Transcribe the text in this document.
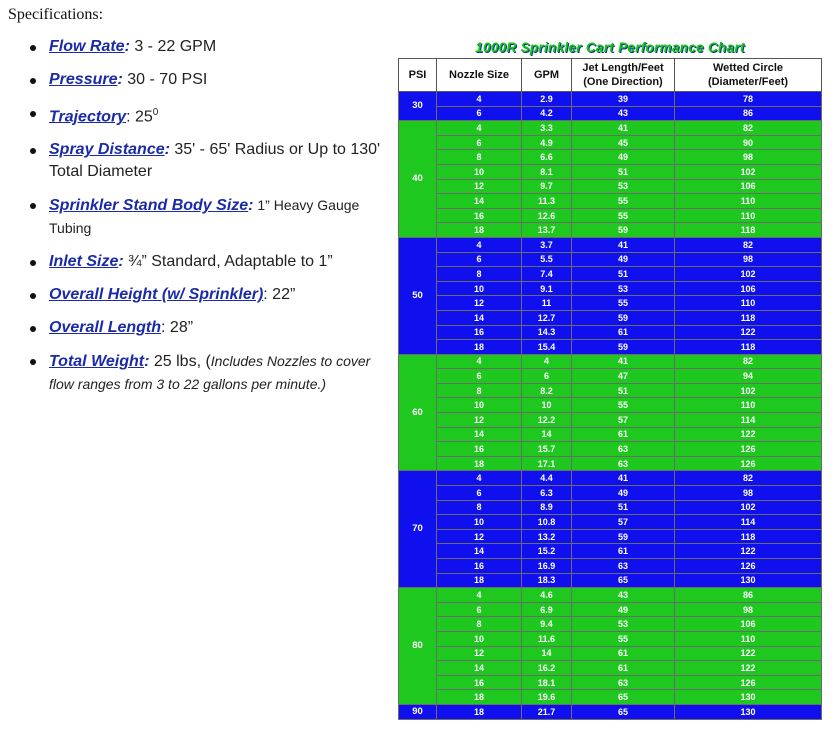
Specifications:
Flow Rate: 3 - 22 GPM
Pressure: 30 - 70 PSI
Trajectory: $25^0$
Spray Distance: 35' - 65' Radius or Up to 130' Total Diameter
Sprinkler Stand Body Size: 1” Heavy Gauge Tubing
Inlet Size: ¾” Standard, Adaptable to 1”
Overall Height (w/ Sprinkler): 22”
Overall Length: 28”
Total Weight: 25 lbs, (Includes Nozzles to cover flow ranges from 3 to 22 gallons per minute.)
1000R Sprinkler Cart Performance Chart
PSI	Nozzle Size	GPM	Jet Length/Feet (One Direction)	Wetted Circle (Diameter/Feet)
30	4	2.9	39	78
	6	4.2	43	86
40	4	3.3	41	82
	6	4.9	45	90
	8	6.6	49	98
	10	8.1	51	102
	12	9.7	53	106
	14	11.3	55	110
	16	12.6	55	110
	18	13.7	59	118
50	4	3.7	41	82
	6	5.5	49	98
	8	7.4	51	102
	10	9.1	53	106
	12	11	55	110
	14	12.7	59	118
	16	14.3	61	122
	18	15.4	59	118
60	4	4	41	82
	6	6	47	94
	8	8.2	51	102
	10	10	55	110
	12	12.2	57	114
	14	14	61	122
	16	15.7	63	126
	18	17.1	63	126
70	4	4.4	41	82
	6	6.3	49	98
	8	8.9	51	102
	10	10.8	57	114
	12	13.2	59	118
	14	15.2	61	122
	16	16.9	63	126
	18	18.3	65	130
80	4	4.6	43	86
	6	6.9	49	98
	8	9.4	53	106
	10	11.6	55	110
	12	14	61	122
	14	16.2	61	122
	16	18.1	63	126
	18	19.6	65	130
90	18	21.7	65	130
